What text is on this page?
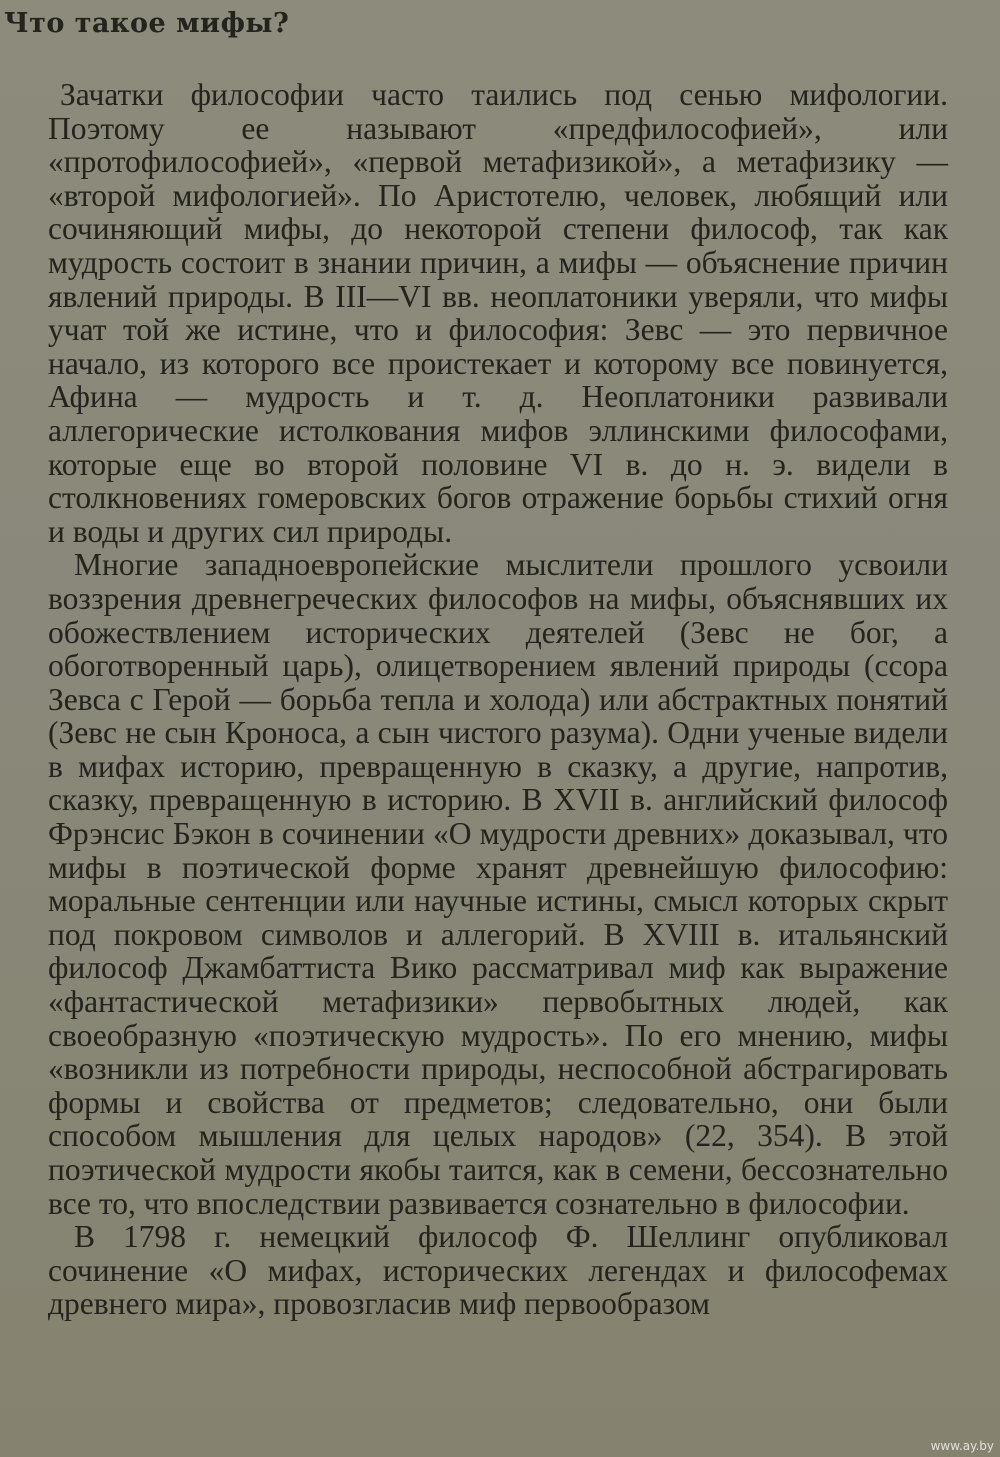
Что такое мифы?

Зачатки философии часто таились под сенью мифологии. Поэтому ее называют «предфилософией», или «протофилософией», «первой метафизикой», а метафизику — «второй мифологией». По Аристотелю, человек, любящий или сочиняющий мифы, до некоторой степени философ, так как мудрость состоит в знании причин, а мифы — объяснение причин явлений природы. В III—VI вв. неоплатоники уверяли, что мифы учат той же истине, что и философия: Зевс — это первичное начало, из которого все проистекает и которому все повинуется, Афина — мудрость и т. д. Неоплатоники развивали аллегорические истолкования мифов эллинскими философами, которые еще во второй половине VI в. до н. э. видели в столкновениях гомеровских богов отражение борьбы стихий огня и воды и других сил природы.

Многие западноевропейские мыслители прошлого усвоили воззрения древнегреческих философов на мифы, объяснявших их обожествлением исторических деятелей (Зевс не бог, а обоготворенный царь), олицетворением явлений природы (ссора Зевса с Герой — борьба тепла и холода) или абстрактных понятий (Зевс не сын Кроноса, а сын чистого разума). Одни ученые видели в мифах историю, превращенную в сказку, а другие, напротив, сказку, превращенную в историю. В XVII в. английский философ Фрэнсис Бэкон в сочинении «О мудрости древних» доказывал, что мифы в поэтической форме хранят древнейшую философию: моральные сентенции или научные истины, смысл которых скрыт под покровом символов и аллегорий. В XVIII в. итальянский философ Джамбаттиста Вико рассматривал миф как выражение «фантастической метафизики» первобытных людей, как своеобразную «поэтическую мудрость». По его мнению, мифы «возникли из потребности природы, неспособной абстрагировать формы и свойства от предметов; следовательно, они были способом мышления для целых народов» (22, 354). В этой поэтической мудрости якобы таится, как в семени, бессознательно все то, что впоследствии развивается сознательно в философии.

В 1798 г. немецкий философ Ф. Шеллинг опубликовал сочинение «О мифах, исторических легендах и философемах древнего мира», провозгласив миф первообразом

www.ay.by
